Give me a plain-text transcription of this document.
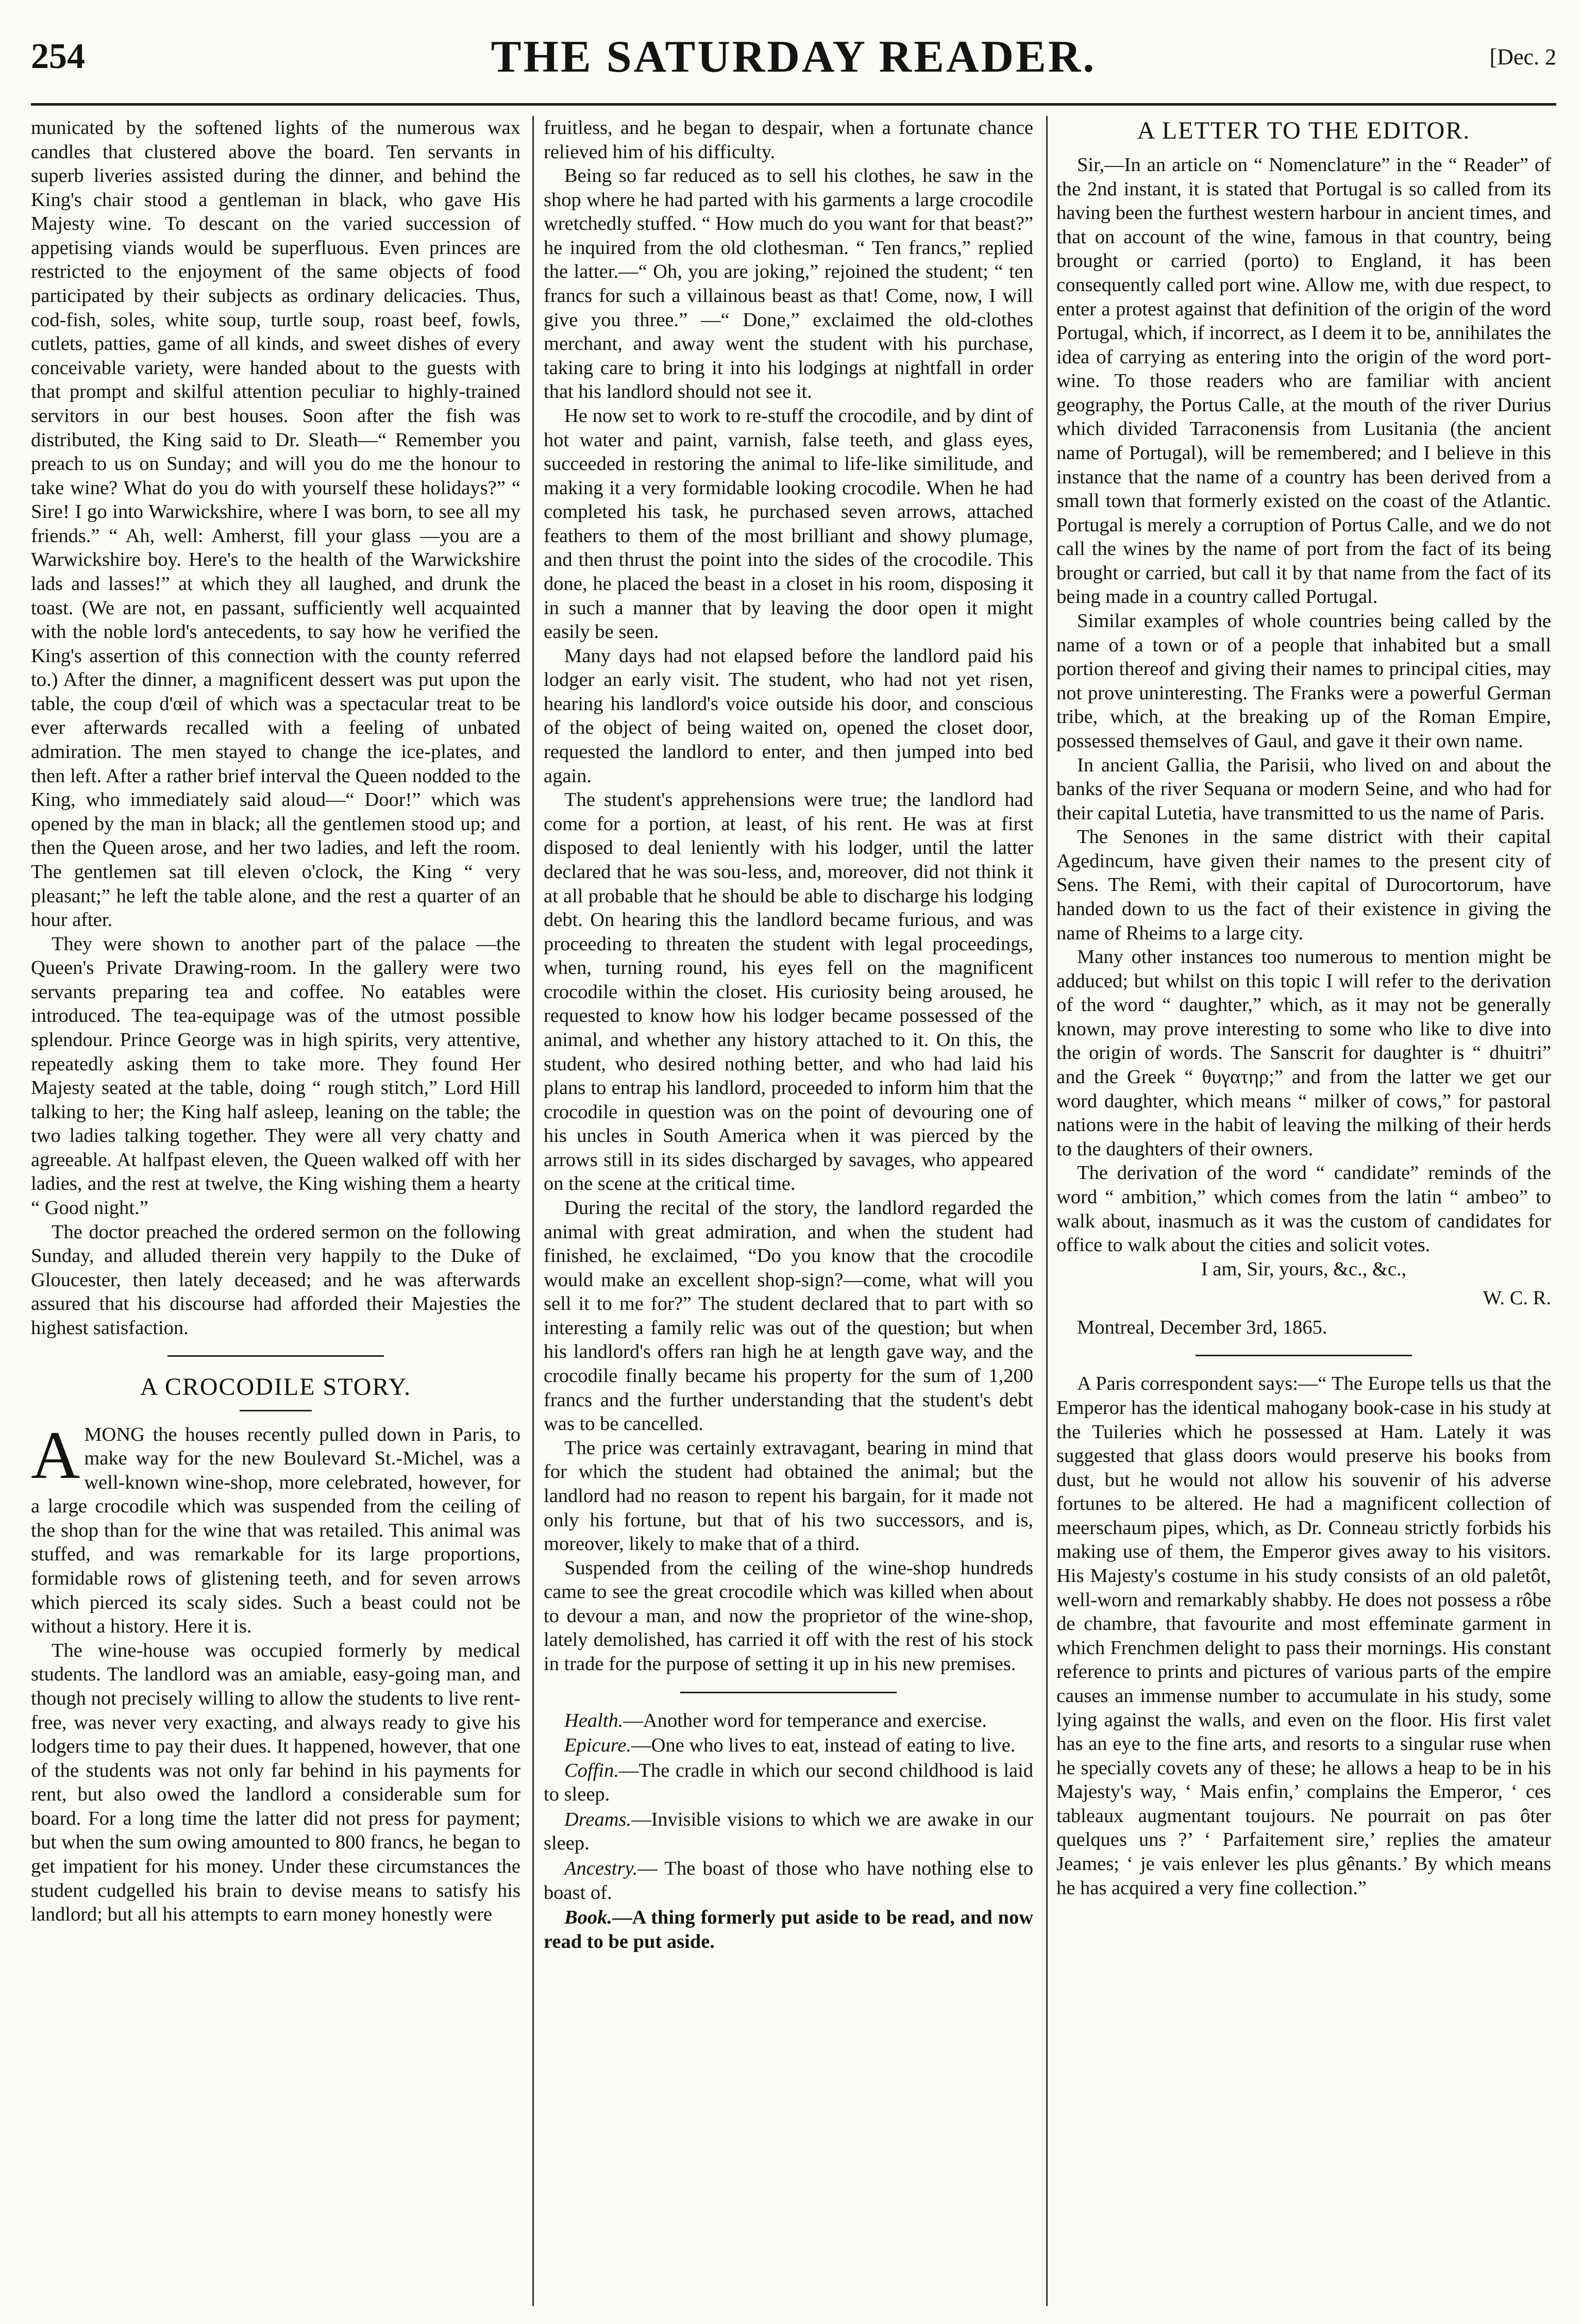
254	THE SATURDAY READER.	[Dec. 2

municated by the softened lights of the numerous wax candles that clustered above the board. Ten servants in superb liveries assisted during the dinner, and behind the King's chair stood a gentleman in black, who gave His Majesty wine. To descant on the varied succession of appetising viands would be superfluous. Even princes are restricted to the enjoyment of the same objects of food participated by their subjects as ordinary delicacies. Thus, cod-fish, soles, white soup, turtle soup, roast beef, fowls, cutlets, patties, game of all kinds, and sweet dishes of every conceivable variety, were handed about to the guests with that prompt and skilful attention peculiar to highly-trained servitors in our best houses. Soon after the fish was distributed, the King said to Dr. Sleath—“ Remember you preach to us on Sunday; and will you do me the honour to take wine? What do you do with yourself these holidays?” “ Sire! I go into Warwickshire, where I was born, to see all my friends.” “ Ah, well: Amherst, fill your glass —you are a Warwickshire boy. Here's to the health of the Warwickshire lads and lasses!” at which they all laughed, and drunk the toast. (We are not, en passant, sufficiently well acquainted with the noble lord's antecedents, to say how he verified the King's assertion of this connection with the county referred to.) After the dinner, a magnificent dessert was put upon the table, the coup d'œil of which was a spectacular treat to be ever afterwards recalled with a feeling of unbated admiration. The men stayed to change the ice-plates, and then left. After a rather brief interval the Queen nodded to the King, who immediately said aloud—“ Door!” which was opened by the man in black; all the gentlemen stood up; and then the Queen arose, and her two ladies, and left the room. The gentlemen sat till eleven o'clock, the King “ very pleasant;” he left the table alone, and the rest a quarter of an hour after.

They were shown to another part of the palace —the Queen's Private Drawing-room. In the gallery were two servants preparing tea and coffee. No eatables were introduced. The tea-equipage was of the utmost possible splendour. Prince George was in high spirits, very attentive, repeatedly asking them to take more. They found Her Majesty seated at the table, doing “ rough stitch,” Lord Hill talking to her; the King half asleep, leaning on the table; the two ladies talking together. They were all very chatty and agreeable. At halfpast eleven, the Queen walked off with her ladies, and the rest at twelve, the King wishing them a hearty “ Good night.”

The doctor preached the ordered sermon on the following Sunday, and alluded therein very happily to the Duke of Gloucester, then lately deceased; and he was afterwards assured that his discourse had afforded their Majesties the highest satisfaction.

A CROCODILE STORY.

AMONG the houses recently pulled down in Paris, to make way for the new Boulevard St.-Michel, was a well-known wine-shop, more celebrated, however, for a large crocodile which was suspended from the ceiling of the shop than for the wine that was retailed. This animal was stuffed, and was remarkable for its large proportions, formidable rows of glistening teeth, and for seven arrows which pierced its scaly sides. Such a beast could not be without a history. Here it is.

The wine-house was occupied formerly by medical students. The landlord was an amiable, easy-going man, and though not precisely willing to allow the students to live rent-free, was never very exacting, and always ready to give his lodgers time to pay their dues. It happened, however, that one of the students was not only far behind in his payments for rent, but also owed the landlord a considerable sum for board. For a long time the latter did not press for payment; but when the sum owing amounted to 800 francs, he began to get impatient for his money. Under these circumstances the student cudgelled his brain to devise means to satisfy his landlord; but all his attempts to earn money honestly were

fruitless, and he began to despair, when a fortunate chance relieved him of his difficulty.

Being so far reduced as to sell his clothes, he saw in the shop where he had parted with his garments a large crocodile wretchedly stuffed. “ How much do you want for that beast?” he inquired from the old clothesman. “ Ten francs,” replied the latter.—“ Oh, you are joking,” rejoined the student; “ ten francs for such a villainous beast as that! Come, now, I will give you three.” —“ Done,” exclaimed the old-clothes merchant, and away went the student with his purchase, taking care to bring it into his lodgings at nightfall in order that his landlord should not see it.

He now set to work to re-stuff the crocodile, and by dint of hot water and paint, varnish, false teeth, and glass eyes, succeeded in restoring the animal to life-like similitude, and making it a very formidable looking crocodile. When he had completed his task, he purchased seven arrows, attached feathers to them of the most brilliant and showy plumage, and then thrust the point into the sides of the crocodile. This done, he placed the beast in a closet in his room, disposing it in such a manner that by leaving the door open it might easily be seen.

Many days had not elapsed before the landlord paid his lodger an early visit. The student, who had not yet risen, hearing his landlord's voice outside his door, and conscious of the object of being waited on, opened the closet door, requested the landlord to enter, and then jumped into bed again.

The student's apprehensions were true; the landlord had come for a portion, at least, of his rent. He was at first disposed to deal leniently with his lodger, until the latter declared that he was sou-less, and, moreover, did not think it at all probable that he should be able to discharge his lodging debt. On hearing this the landlord became furious, and was proceeding to threaten the student with legal proceedings, when, turning round, his eyes fell on the magnificent crocodile within the closet. His curiosity being aroused, he requested to know how his lodger became possessed of the animal, and whether any history attached to it. On this, the student, who desired nothing better, and who had laid his plans to entrap his landlord, proceeded to inform him that the crocodile in question was on the point of devouring one of his uncles in South America when it was pierced by the arrows still in its sides discharged by savages, who appeared on the scene at the critical time.

During the recital of the story, the landlord regarded the animal with great admiration, and when the student had finished, he exclaimed, “Do you know that the crocodile would make an excellent shop-sign?—come, what will you sell it to me for?” The student declared that to part with so interesting a family relic was out of the question; but when his landlord's offers ran high he at length gave way, and the crocodile finally became his property for the sum of 1,200 francs and the further understanding that the student's debt was to be cancelled.

The price was certainly extravagant, bearing in mind that for which the student had obtained the animal; but the landlord had no reason to repent his bargain, for it made not only his fortune, but that of his two successors, and is, moreover, likely to make that of a third.

Suspended from the ceiling of the wine-shop hundreds came to see the great crocodile which was killed when about to devour a man, and now the proprietor of the wine-shop, lately demolished, has carried it off with the rest of his stock in trade for the purpose of setting it up in his new premises.

Health.—Another word for temperance and exercise.

Epicure.—One who lives to eat, instead of eating to live.

Coffin.—The cradle in which our second childhood is laid to sleep.

Dreams.—Invisible visions to which we are awake in our sleep.

Ancestry.— The boast of those who have nothing else to boast of.

Book.—A thing formerly put aside to be read, and now read to be put aside.

A LETTER TO THE EDITOR.

Sir,—In an article on “ Nomenclature” in the “ Reader” of the 2nd instant, it is stated that Portugal is so called from its having been the furthest western harbour in ancient times, and that on account of the wine, famous in that country, being brought or carried (porto) to England, it has been consequently called port wine. Allow me, with due respect, to enter a protest against that definition of the origin of the word Portugal, which, if incorrect, as I deem it to be, annihilates the idea of carrying as entering into the origin of the word port-wine. To those readers who are familiar with ancient geography, the Portus Calle, at the mouth of the river Durius which divided Tarraconensis from Lusitania (the ancient name of Portugal), will be remembered; and I believe in this instance that the name of a country has been derived from a small town that formerly existed on the coast of the Atlantic. Portugal is merely a corruption of Portus Calle, and we do not call the wines by the name of port from the fact of its being brought or carried, but call it by that name from the fact of its being made in a country called Portugal.

Similar examples of whole countries being called by the name of a town or of a people that inhabited but a small portion thereof and giving their names to principal cities, may not prove uninteresting. The Franks were a powerful German tribe, which, at the breaking up of the Roman Empire, possessed themselves of Gaul, and gave it their own name.

In ancient Gallia, the Parisii, who lived on and about the banks of the river Sequana or modern Seine, and who had for their capital Lutetia, have transmitted to us the name of Paris.

The Senones in the same district with their capital Agedincum, have given their names to the present city of Sens. The Remi, with their capital of Durocortorum, have handed down to us the fact of their existence in giving the name of Rheims to a large city.

Many other instances too numerous to mention might be adduced; but whilst on this topic I will refer to the derivation of the word “ daughter,” which, as it may not be generally known, may prove interesting to some who like to dive into the origin of words. The Sanscrit for daughter is “ dhuitri” and the Greek “ θυγατηρ;” and from the latter we get our word daughter, which means “ milker of cows,” for pastoral nations were in the habit of leaving the milking of their herds to the daughters of their owners.

The derivation of the word “ candidate” reminds of the word “ ambition,” which comes from the latin “ ambeo” to walk about, inasmuch as it was the custom of candidates for office to walk about the cities and solicit votes.

I am, Sir, yours, &c., &c.,

W. C. R.

Montreal, December 3rd, 1865.

A Paris correspondent says:—“ The Europe tells us that the Emperor has the identical mahogany book-case in his study at the Tuileries which he possessed at Ham. Lately it was suggested that glass doors would preserve his books from dust, but he would not allow his souvenir of his adverse fortunes to be altered. He had a magnificent collection of meerschaum pipes, which, as Dr. Conneau strictly forbids his making use of them, the Emperor gives away to his visitors. His Majesty's costume in his study consists of an old paletôt, well-worn and remarkably shabby. He does not possess a rôbe de chambre, that favourite and most effeminate garment in which Frenchmen delight to pass their mornings. His constant reference to prints and pictures of various parts of the empire causes an immense number to accumulate in his study, some lying against the walls, and even on the floor. His first valet has an eye to the fine arts, and resorts to a singular ruse when he specially covets any of these; he allows a heap to be in his Majesty's way, ‘ Mais enfin,’ complains the Emperor, ‘ ces tableaux augmentant toujours. Ne pourrait on pas ôter quelques uns ?’ ‘ Parfaitement sire,’ replies the amateur Jeames; ‘ je vais enlever les plus gênants.’ By which means he has acquired a very fine collection.”
